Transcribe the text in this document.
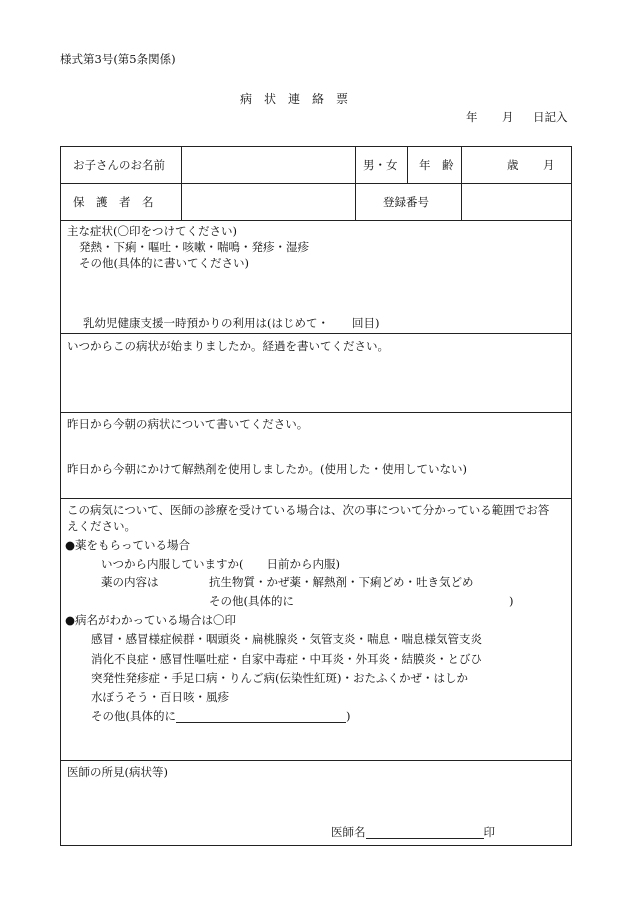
様式第3号(第5条関係)
病　状　連　絡　票
年 月 日記入
お子さんのお名前	男・女 年　齢	歳 月
保　護　者　名	登録番号
主な症状(〇印をつけてください)
発熱・下痢・嘔吐・咳嗽・喘鳴・発疹・湿疹
その他(具体的に書いてください)
乳幼児健康支援一時預かりの利用は(はじめて・　　回目)
いつからこの病状が始まりましたか。経過を書いてください。
昨日から今朝の病状について書いてください。
昨日から今朝にかけて解熱剤を使用しましたか。(使用した・使用していない)
この病気について、医師の診療を受けている場合は、次の事について分かっている範囲でお答
えください。
●薬をもらっている場合
いつから内服していますか(　　日前から内服)
薬の内容は	抗生物質・かぜ薬・解熱剤・下痢どめ・吐き気どめ
その他(具体的に	)
●病名がわかっている場合は〇印
感冒・感冒様症候群・咽頭炎・扁桃腺炎・気管支炎・喘息・喘息様気管支炎
消化不良症・感冒性嘔吐症・自家中毒症・中耳炎・外耳炎・結膜炎・とびひ
突発性発疹症・手足口病・りんご病(伝染性紅斑)・おたふくかぜ・はしか
水ぼうそう・百日咳・風疹
その他(具体的に	)
医師の所見(病状等)
医師名	印
